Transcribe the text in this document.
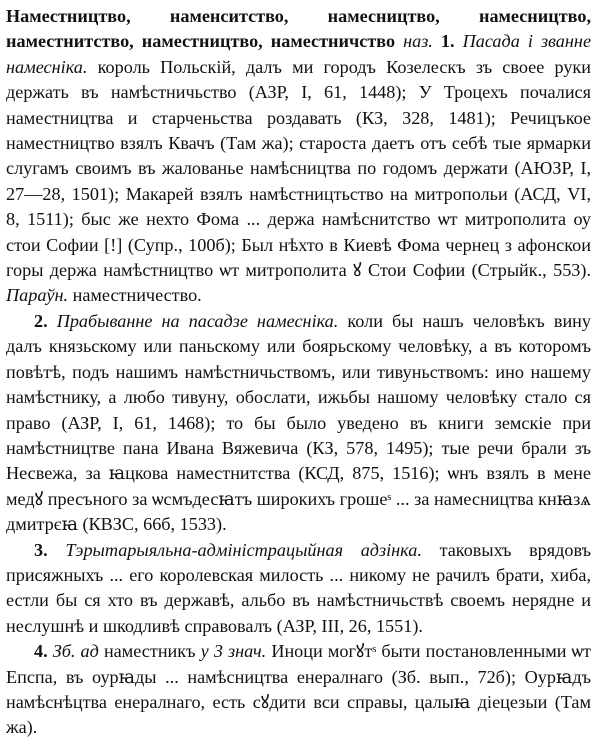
Наместництво, наменситство, намесництво, намесництво, наместнитство, наместництво, наместничство наз. 1. Пасада і званне намесніка. король Польскій, далъ ми городъ Козелескъ зъ своее руки держать въ намѣстничьство (АЗР, I, 61, 1448); У Троцехъ почалися наместництва и старченьства роздавать (КЗ, 328, 1481); Речицъкое наместництво взялъ Квачъ (Там жа); староста даетъ отъ себѣ тые ярмарки слугамъ своимъ въ жалованье намѣсництва по годомъ держати (АЮЗР, I, 27—28, 1501); Макарей взялъ намѣстництьство на митропольи (АСД, VI, 8, 1511); быс же нехто Фома ... держа намѣснитство ѡт митрополита оу стои Софии [!] (Супр., 100б); Был нѣхто в Киевѣ Фома чернец з афонскои горы держа намѣстництво ѡт митрополита ꙋ Стои Софии (Стрыйк., 553). Параўн. наместничество.

2. Прабыванне на пасадзе намесніка. коли бы нашъ человѣкъ вину далъ князьскому или паньскому или боярьскому человѣку, а въ которомъ повѣтѣ, подъ нашимъ намѣстничьствомъ, или тивуньствомъ: ино нашему намѣстнику, а любо тивуну, обослати, ижьбы нашому человѣку стало ся право (АЗР, I, 61, 1468); то бы было уведено въ книги земскіе при намѣстництве пана Ивана Вяжевича (КЗ, 578, 1495); тые речи брали зъ Несвежа, за ꙗцкова наместнитства (КСД, 875, 1516); ѡнъ взялъ в мене медꙋ пресъного за ѡсмъдесꙗтъ широкихъ грошеˢ ... за намесництва кнꙗзѧ дмитрєꙗ (КВЗС, 66б, 1533).

3. Тэрытарыяльна-адміністрацыйная адзінка. таковыхъ врядовъ присяжныхъ ... его королевская милость ... никому не рачилъ брати, хиба, естли бы ся хто въ державѣ, альбо въ намѣстничьствѣ своемъ нерядне и неслушнѣ и шкодливѣ справовалъ (АЗР, III, 26, 1551).

4. Зб. ад наместникъ у 3 знач. Иноци могꙋтˢ быти постановленными ѡт Епспа, въ оурꙗды ... намѣсництва енералнаго (Зб. вып., 72б); Оурꙗдъ намѣснѣцтва енералнаго, есть сꙋдити вси справы, цалыꙗ діецезыи (Там жа).
